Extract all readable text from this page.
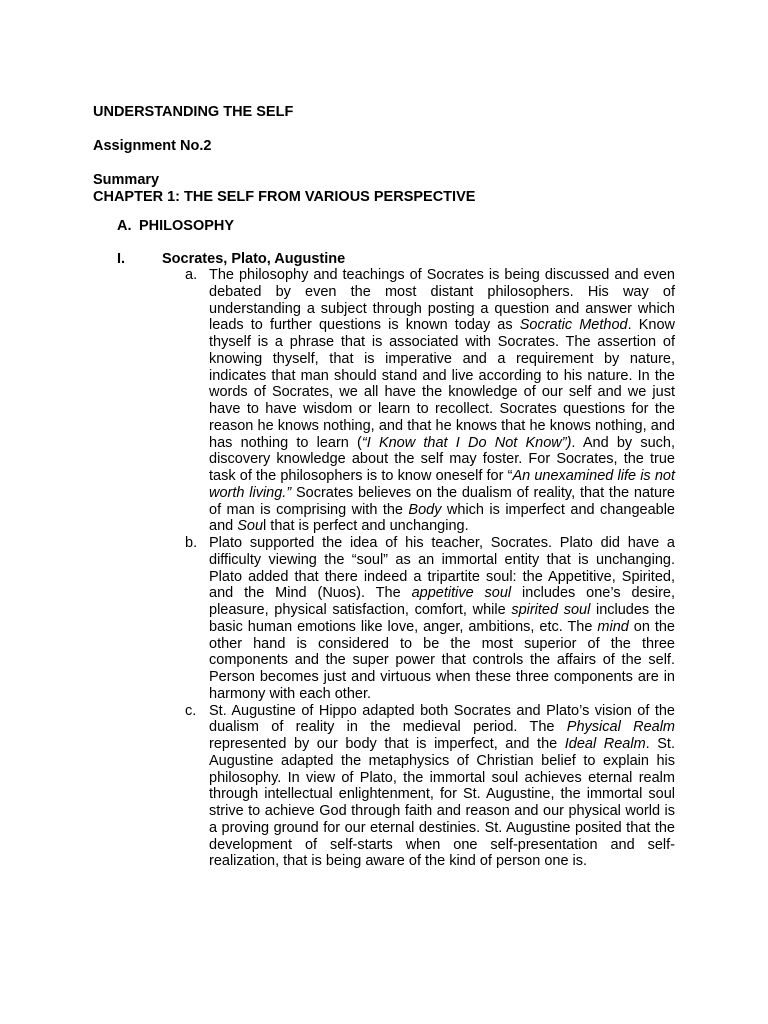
UNDERSTANDING THE SELF
Assignment No.2
Summary
CHAPTER 1: THE SELF FROM VARIOUS PERSPECTIVE
A. PHILOSOPHY
I.	Socrates, Plato, Augustine
a. The philosophy and teachings of Socrates is being discussed and even debated by even the most distant philosophers. His way of understanding a subject through posting a question and answer which leads to further questions is known today as Socratic Method. Know thyself is a phrase that is associated with Socrates. The assertion of knowing thyself, that is imperative and a requirement by nature, indicates that man should stand and live according to his nature. In the words of Socrates, we all have the knowledge of our self and we just have to have wisdom or learn to recollect. Socrates questions for the reason he knows nothing, and that he knows that he knows nothing, and has nothing to learn (“I Know that I Do Not Know”). And by such, discovery knowledge about the self may foster. For Socrates, the true task of the philosophers is to know oneself for “An unexamined life is not worth living.” Socrates believes on the dualism of reality, that the nature of man is comprising with the Body which is imperfect and changeable and Soul that is perfect and unchanging.
b. Plato supported the idea of his teacher, Socrates. Plato did have a difficulty viewing the “soul” as an immortal entity that is unchanging. Plato added that there indeed a tripartite soul: the Appetitive, Spirited, and the Mind (Nuos). The appetitive soul includes one’s desire, pleasure, physical satisfaction, comfort, while spirited soul includes the basic human emotions like love, anger, ambitions, etc. The mind on the other hand is considered to be the most superior of the three components and the super power that controls the affairs of the self. Person becomes just and virtuous when these three components are in harmony with each other.
c. St. Augustine of Hippo adapted both Socrates and Plato’s vision of the dualism of reality in the medieval period. The Physical Realm represented by our body that is imperfect, and the Ideal Realm. St. Augustine adapted the metaphysics of Christian belief to explain his philosophy. In view of Plato, the immortal soul achieves eternal realm through intellectual enlightenment, for St. Augustine, the immortal soul strive to achieve God through faith and reason and our physical world is a proving ground for our eternal destinies. St. Augustine posited that the development of self-starts when one self-presentation and self-realization, that is being aware of the kind of person one is.
